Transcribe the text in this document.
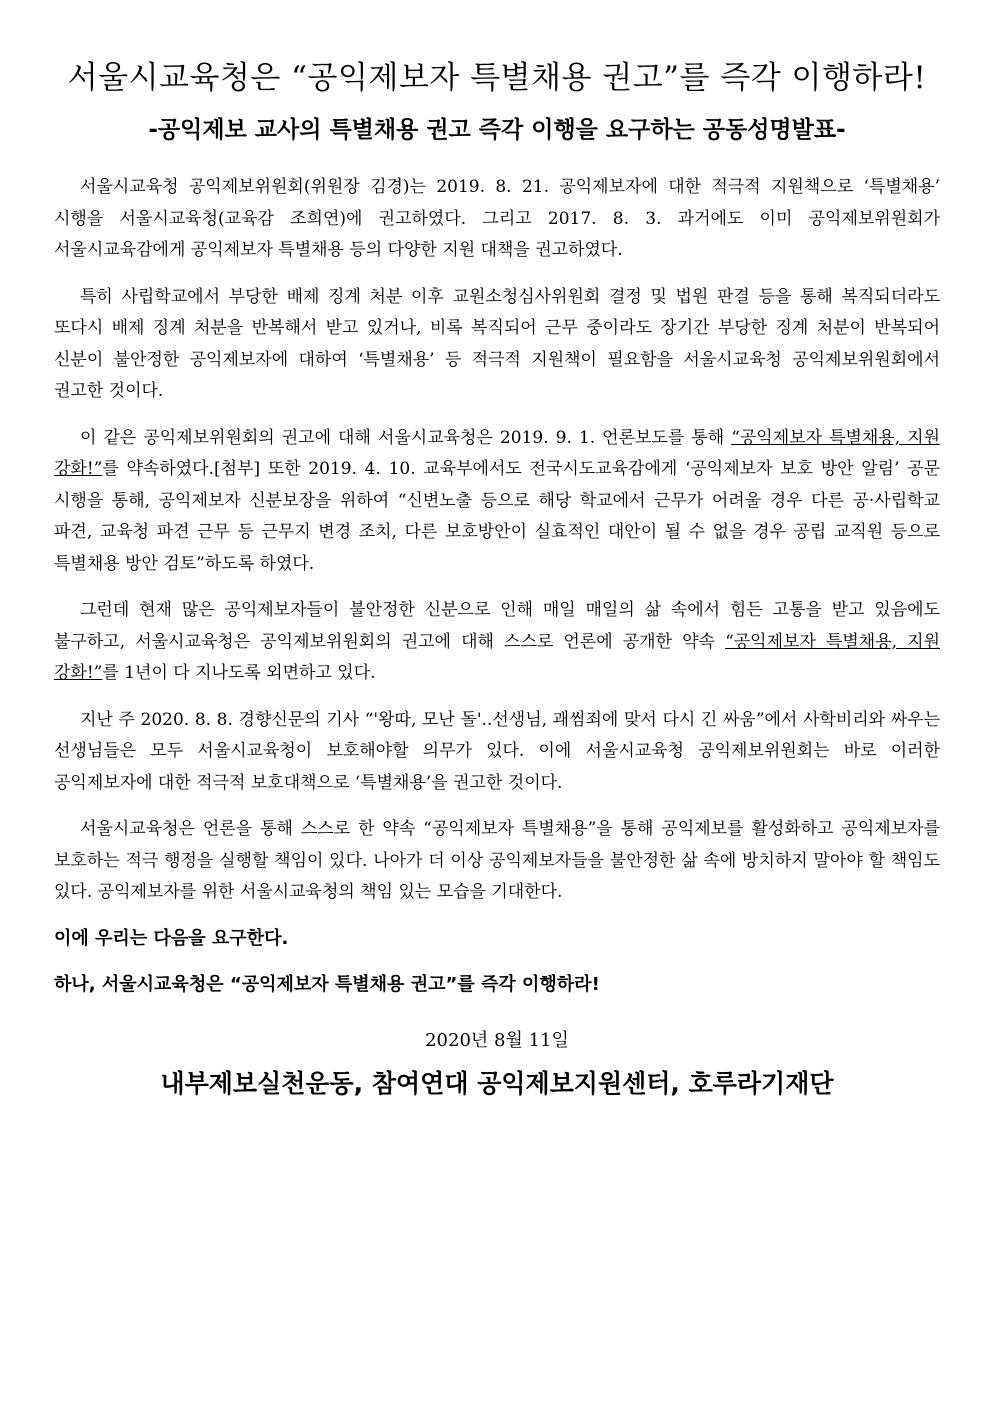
서울시교육청은 “공익제보자 특별채용 권고”를 즉각 이행하라!
-공익제보 교사의 특별채용 권고 즉각 이행을 요구하는 공동성명발표-

서울시교육청 공익제보위원회(위원장 김경)는 2019. 8. 21. 공익제보자에 대한 적극적 지원책으로 ‘특별채용’ 시행을 서울시교육청(교육감 조희연)에 권고하였다. 그리고 2017. 8. 3. 과거에도 이미 공익제보위원회가 서울시교육감에게 공익제보자 특별채용 등의 다양한 지원 대책을 권고하였다.

특히 사립학교에서 부당한 배제 징계 처분 이후 교원소청심사위원회 결정 및 법원 판결 등을 통해 복직되더라도 또다시 배제 징계 처분을 반복해서 받고 있거나, 비록 복직되어 근무 중이라도 장기간 부당한 징계 처분이 반복되어 신분이 불안정한 공익제보자에 대하여 ‘특별채용’ 등 적극적 지원책이 필요함을 서울시교육청 공익제보위원회에서 권고한 것이다.

이 같은 공익제보위원회의 권고에 대해 서울시교육청은 2019. 9. 1. 언론보도를 통해 “공익제보자 특별채용, 지원 강화!”를 약속하였다.[첨부] 또한 2019. 4. 10. 교육부에서도 전국시도교육감에게 ‘공익제보자 보호 방안 알림’ 공문 시행을 통해, 공익제보자 신분보장을 위하여 “신변노출 등으로 해당 학교에서 근무가 어려울 경우 다른 공·사립학교 파견, 교육청 파견 근무 등 근무지 변경 조치, 다른 보호방안이 실효적인 대안이 될 수 없을 경우 공립 교직원 등으로 특별채용 방안 검토”하도록 하였다.

그런데 현재 많은 공익제보자들이 불안정한 신분으로 인해 매일 매일의 삶 속에서 힘든 고통을 받고 있음에도 불구하고, 서울시교육청은 공익제보위원회의 권고에 대해 스스로 언론에 공개한 약속 “공익제보자 특별채용, 지원 강화!”를 1년이 다 지나도록 외면하고 있다.

지난 주 2020. 8. 8. 경향신문의 기사 “'왕따, 모난 돌'..선생님, 괘씸죄에 맞서 다시 긴 싸움”에서 사학비리와 싸우는 선생님들은 모두 서울시교육청이 보호해야할 의무가 있다. 이에 서울시교육청 공익제보위원회는 바로 이러한 공익제보자에 대한 적극적 보호대책으로 ‘특별채용’을 권고한 것이다.

서울시교육청은 언론을 통해 스스로 한 약속 “공익제보자 특별채용”을 통해 공익제보를 활성화하고 공익제보자를 보호하는 적극 행정을 실행할 책임이 있다. 나아가 더 이상 공익제보자들을 불안정한 삶 속에 방치하지 말아야 할 책임도 있다. 공익제보자를 위한 서울시교육청의 책임 있는 모습을 기대한다.

이에 우리는 다음을 요구한다.

하나, 서울시교육청은 “공익제보자 특별채용 권고”를 즉각 이행하라!

2020년 8월 11일

내부제보실천운동, 참여연대 공익제보지원센터, 호루라기재단
